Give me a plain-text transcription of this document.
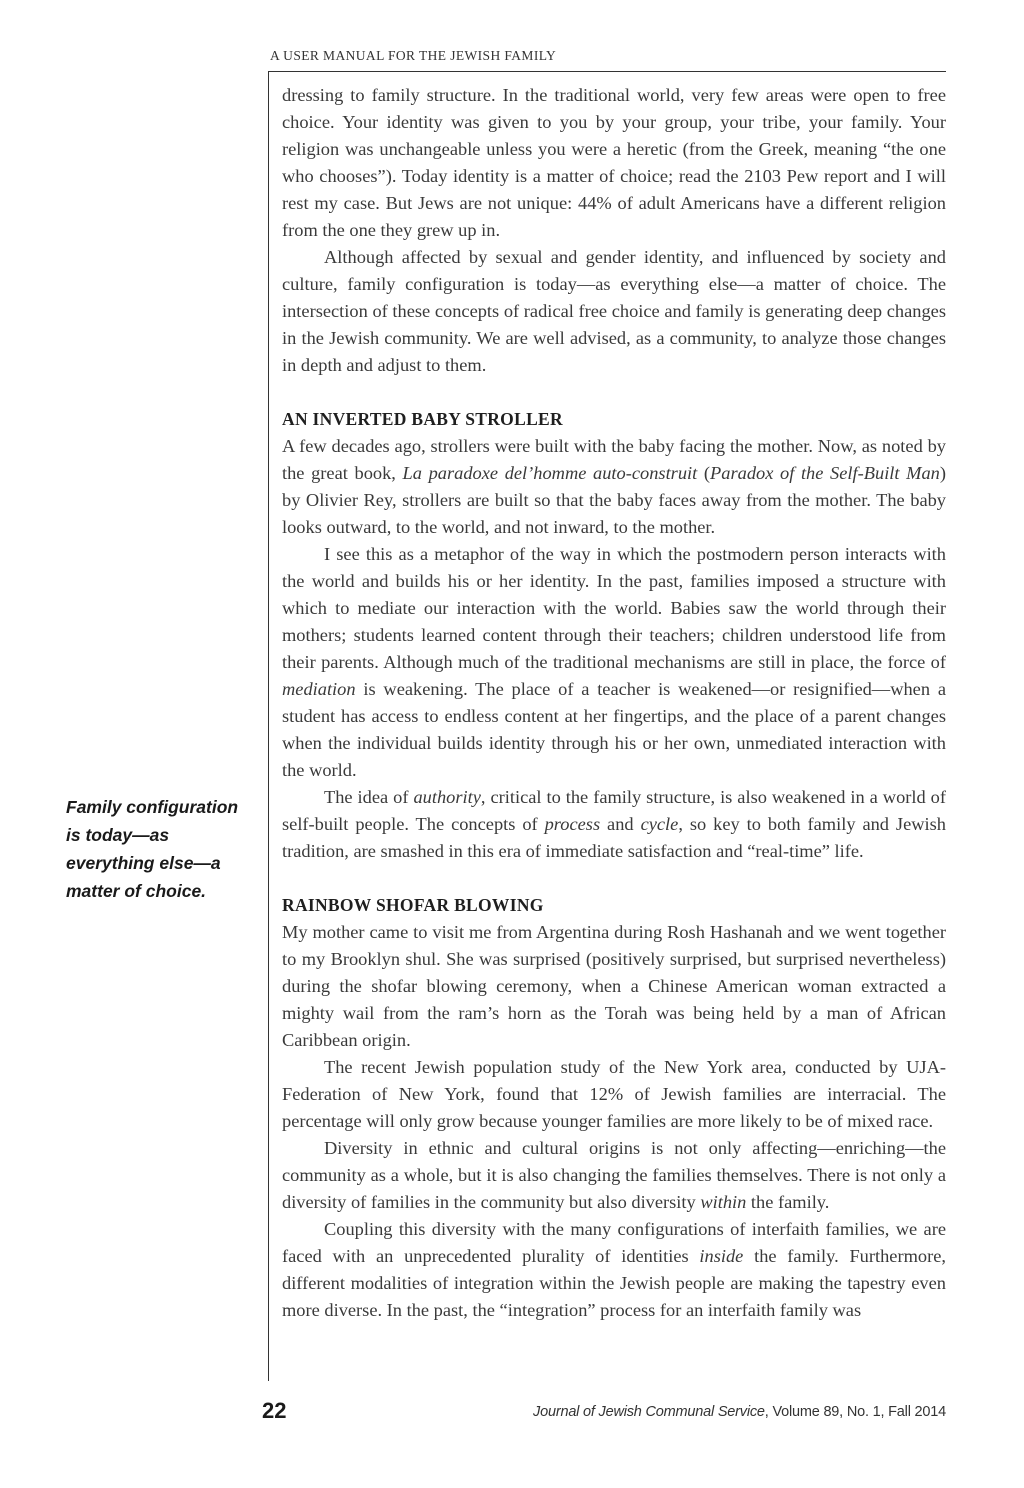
A USER MANUAL FOR THE JEWISH FAMILY

dressing to family structure. In the traditional world, very few areas were open to free choice. Your identity was given to you by your group, your tribe, your family. Your religion was unchangeable unless you were a heretic (from the Greek, meaning “the one who chooses”). Today identity is a matter of choice; read the 2103 Pew report and I will rest my case. But Jews are not unique: 44% of adult Americans have a different religion from the one they grew up in.

Although affected by sexual and gender identity, and influenced by society and culture, family configuration is today—as everything else—a matter of choice. The intersection of these concepts of radical free choice and family is generating deep changes in the Jewish community. We are well advised, as a community, to analyze those changes in depth and adjust to them.

AN INVERTED BABY STROLLER

A few decades ago, strollers were built with the baby facing the mother. Now, as noted by the great book, La paradoxe del’homme auto-construit (Paradox of the Self-Built Man) by Olivier Rey, strollers are built so that the baby faces away from the mother. The baby looks outward, to the world, and not inward, to the mother.

I see this as a metaphor of the way in which the postmodern person interacts with the world and builds his or her identity. In the past, families imposed a structure with which to mediate our interaction with the world. Babies saw the world through their mothers; students learned content through their teachers; children understood life from their parents. Although much of the traditional mechanisms are still in place, the force of mediation is weakening. The place of a teacher is weakened—or resignified—when a student has access to endless content at her fingertips, and the place of a parent changes when the individual builds identity through his or her own, unmediated interaction with the world.

The idea of authority, critical to the family structure, is also weakened in a world of self-built people. The concepts of process and cycle, so key to both family and Jewish tradition, are smashed in this era of immediate satisfaction and “real-time” life.

RAINBOW SHOFAR BLOWING

My mother came to visit me from Argentina during Rosh Hashanah and we went together to my Brooklyn shul. She was surprised (positively surprised, but surprised nevertheless) during the shofar blowing ceremony, when a Chinese American woman extracted a mighty wail from the ram’s horn as the Torah was being held by a man of African Caribbean origin.

The recent Jewish population study of the New York area, conducted by UJA-Federation of New York, found that 12% of Jewish families are interracial. The percentage will only grow because younger families are more likely to be of mixed race.

Diversity in ethnic and cultural origins is not only affecting—enriching—the community as a whole, but it is also changing the families themselves. There is not only a diversity of families in the community but also diversity within the family.

Coupling this diversity with the many configurations of interfaith families, we are faced with an unprecedented plurality of identities inside the family. Furthermore, different modalities of integration within the Jewish people are making the tapestry even more diverse. In the past, the “integration” process for an interfaith family was

Family configuration is today—as everything else—a matter of choice.
22	Journal of Jewish Communal Service, Volume 89, No. 1, Fall 2014
